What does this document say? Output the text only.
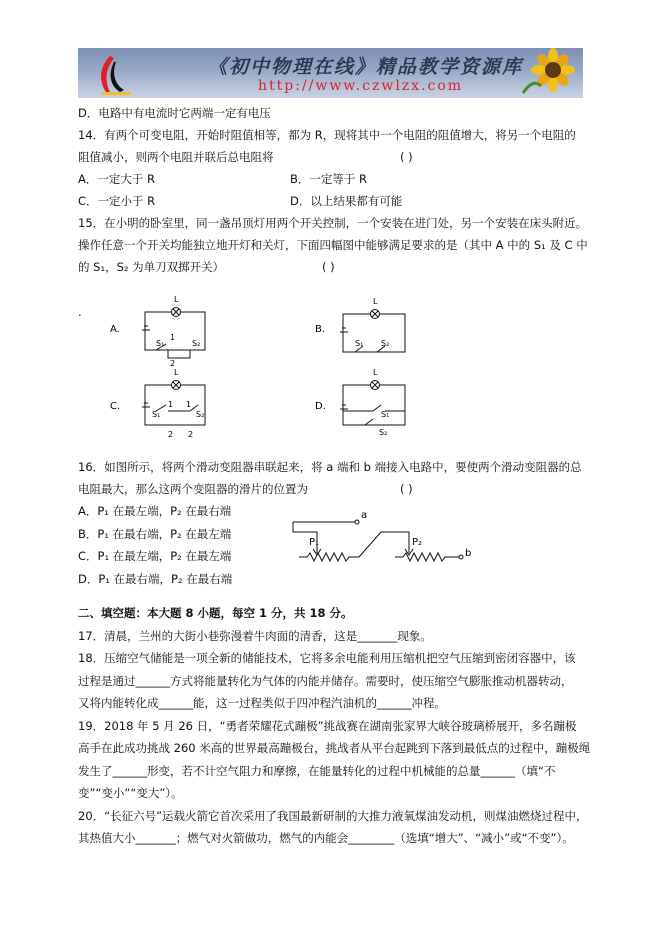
《初中物理在线》精品教学资源库
http://www.czwlzx.com
D．电路中有电流时它两端一定有电压
14．有两个可变电阻，开始时阻值相等，都为 R，现将其中一个电阻的阻值增大，将另一个电阻的
阻值减小，则两个电阻并联后总电阻将	( )
A．一定大于 R	B．一定等于 R
C．一定小于 R	D．以上结果都有可能
15．在小明的卧室里，同一盏吊顶灯用两个开关控制，一个安装在进门处，另一个安装在床头附近。
操作任意一个开关均能独立地开灯和关灯，下面四幅图中能够满足要求的是（其中 A 中的 S₁ 及 C 中
的 S₁，S₂ 为单刀双掷开关）	( )
.
A.
L
S₁	S₂
1
2
B.
L
S₁ S₂
C.
L
S₁	S₂
1 1
2 2
D.
L
S₁
S₂
16．如图所示，将两个滑动变阻器串联起来，将 a 端和 b 端接入电路中，要使两个滑动变阻器的总
电阻最大，那么这两个变阻器的滑片的位置为	( )
A．P₁ 在最左端，P₂ 在最右端
B．P₁ 在最右端，P₂ 在最左端
C．P₁ 在最左端，P₂ 在最左端
D．P₁ 在最右端，P₂ 在最右端
a
b
P₁	P₂
二、填空题：本大题 8 小题，每空 1 分，共 18 分。
17．清晨，兰州的大街小巷弥漫着牛肉面的清香，这是_______现象。
18．压缩空气储能是一项全新的储能技术，它将多余电能利用压缩机把空气压缩到密闭容器中，该
过程是通过______方式将能量转化为气体的内能并储存。需要时，使压缩空气膨胀推动机器转动，
又将内能转化成______能，这一过程类似于四冲程汽油机的______冲程。
19．2018 年 5 月 26 日，“勇者荣耀花式蹦极”挑战赛在湖南张家界大峡谷玻璃桥展开，多名蹦极
高手在此成功挑战 260 米高的世界最高蹦极台，挑战者从平台起跳到下落到最低点的过程中，蹦极绳
发生了______形变，若不计空气阻力和摩擦，在能量转化的过程中机械能的总量______（填“不
变”“变小”“变大”）。
20．“长征六号”运载火箭它首次采用了我国最新研制的大推力液氧煤油发动机，则煤油燃烧过程中，
其热值大小_______；燃气对火箭做功，燃气的内能会________（选填“增大”、“减小”或“不变”）。
